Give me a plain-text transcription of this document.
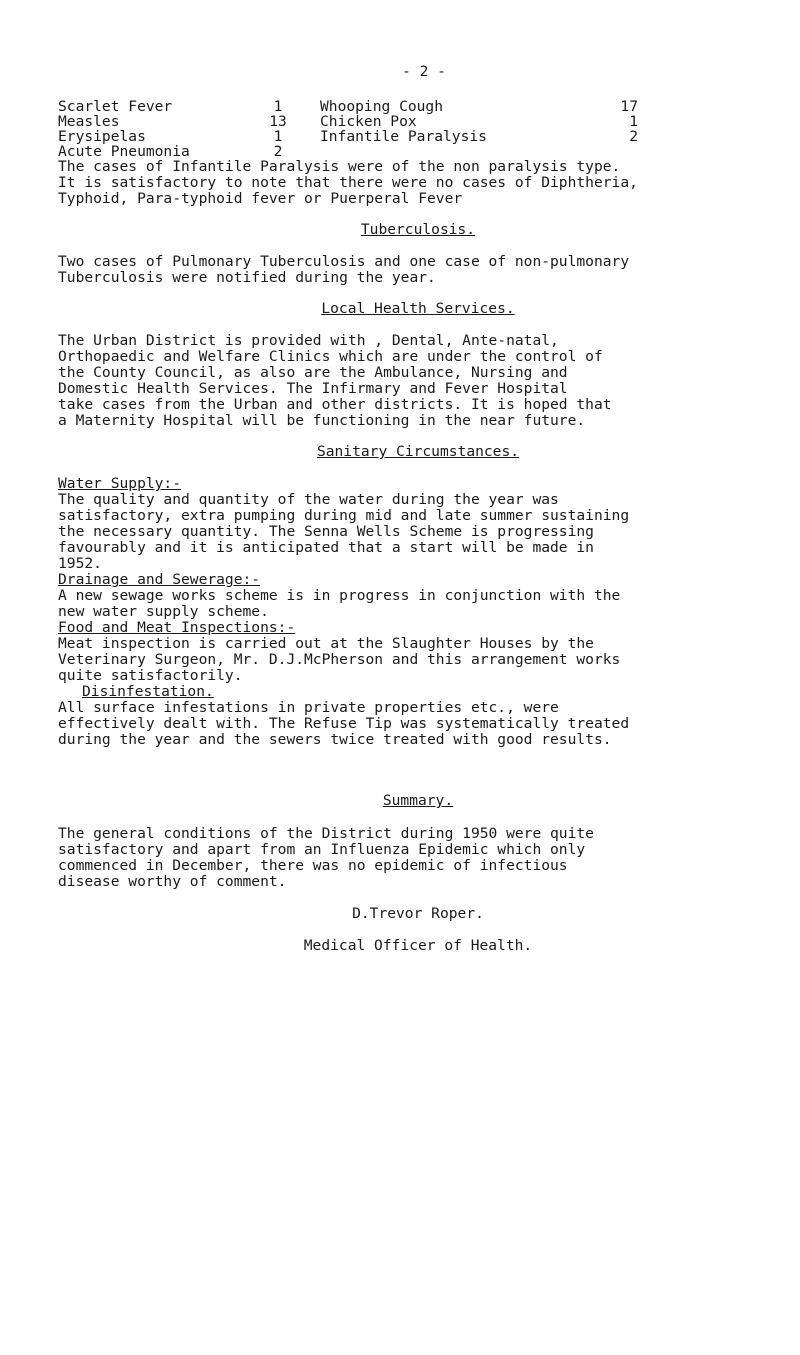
- 2 -
Scarlet Fever	1	Whooping Cough	17
Measles	13	Chicken Pox	1
Erysipelas	1	Infantile Paralysis	2
Acute Pneumonia	2
The cases of Infantile Paralysis were of the non paralysis type.
It is satisfactory to note that there were no cases of Diphtheria,
Typhoid, Para-typhoid fever or Puerperal Fever
Tuberculosis.
Two cases of Pulmonary Tuberculosis and one case of non-pulmonary
Tuberculosis were notified during the year.
Local Health Services.
The Urban District is provided with , Dental, Ante-natal,
Orthopaedic and Welfare Clinics which are under the control of
the County Council, as also are the Ambulance, Nursing and
Domestic Health Services. The Infirmary and Fever Hospital
take cases from the Urban and other districts. It is hoped that
a Maternity Hospital will be functioning in the near future.
Sanitary Circumstances.
Water Supply:-
The quality and quantity of the water during the year was
satisfactory, extra pumping during mid and late summer sustaining
the necessary quantity. The Senna Wells Scheme is progressing
favourably and it is anticipated that a start will be made in
1952.
Drainage and Sewerage:-
A new sewage works scheme is in progress in conjunction with the
new water supply scheme.
Food and Meat Inspections:-
Meat inspection is carried out at the Slaughter Houses by the
Veterinary Surgeon, Mr. D.J.McPherson and this arrangement works
quite satisfactorily.
Disinfestation.
All surface infestations in private properties etc., were
effectively dealt with. The Refuse Tip was systematically treated
during the year and the sewers twice treated with good results.
Summary.
The general conditions of the District during 1950 were quite
satisfactory and apart from an Influenza Epidemic which only
commenced in December, there was no epidemic of infectious
disease worthy of comment.
D.Trevor Roper.
Medical Officer of Health.
